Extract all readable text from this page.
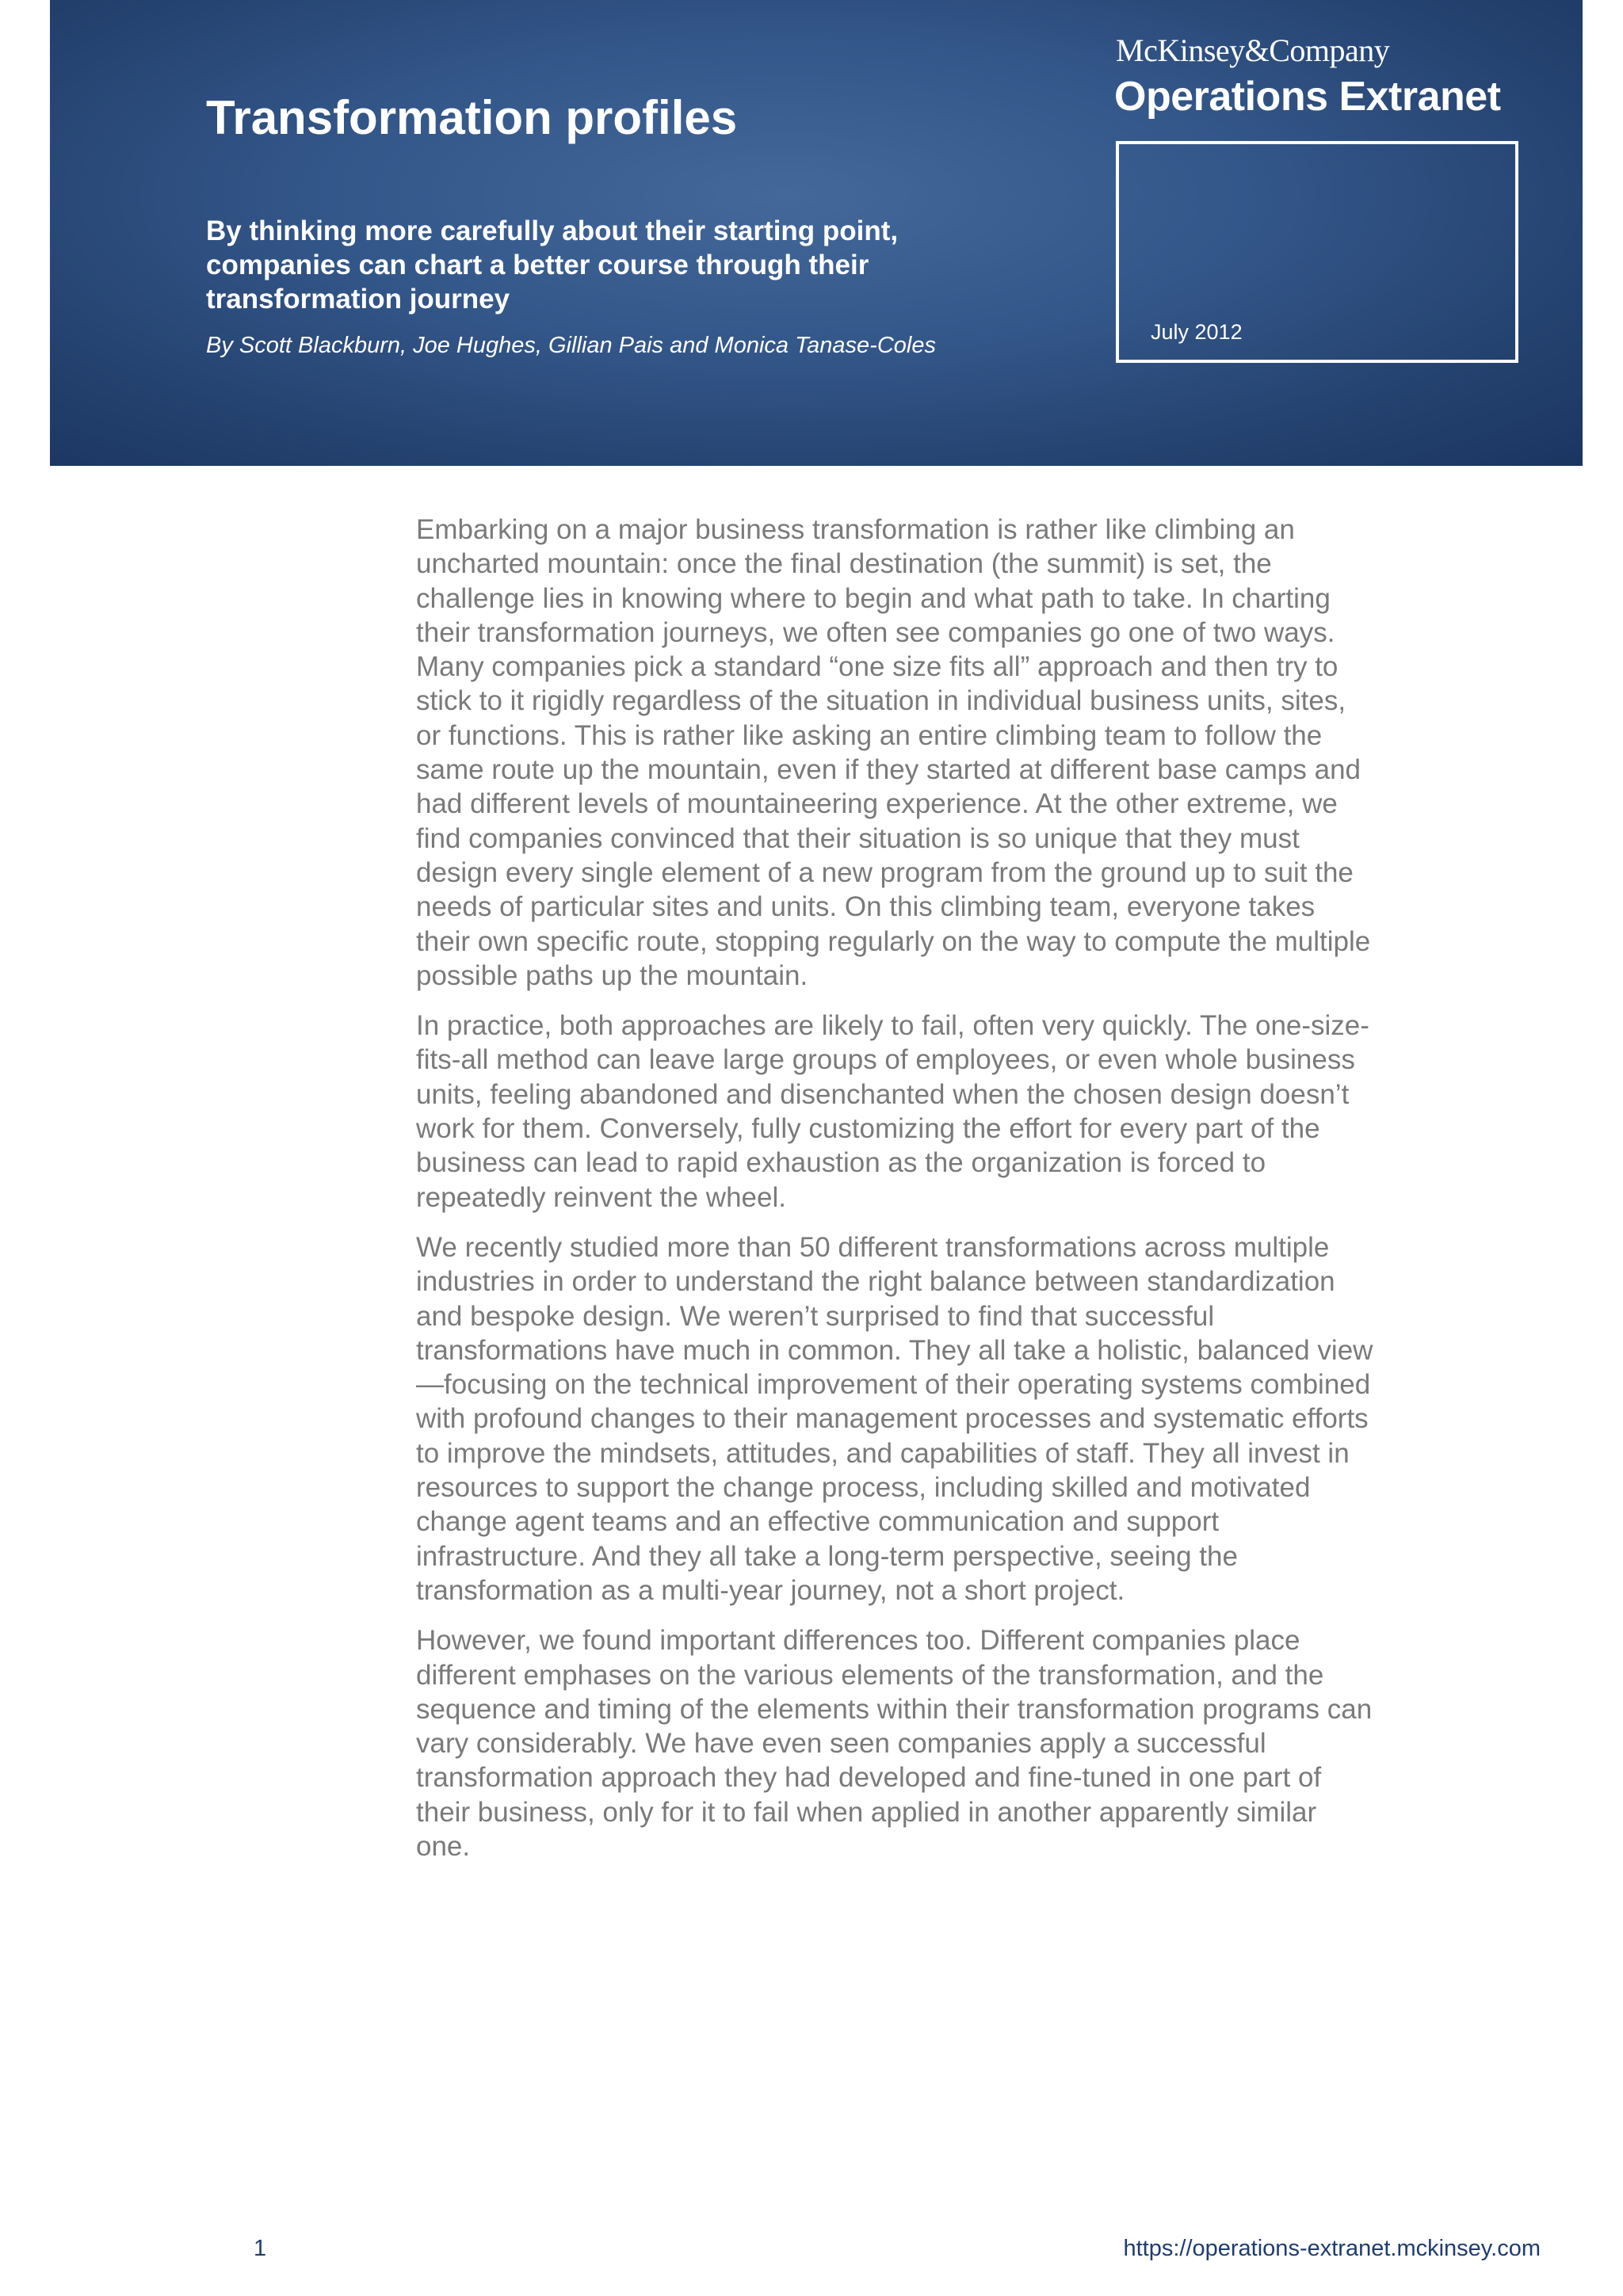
Transformation profiles

By thinking more carefully about their starting point, companies can chart a better course through their transformation journey

By Scott Blackburn, Joe Hughes, Gillian Pais and Monica Tanase-Coles

McKinsey&Company
Operations Extranet
July 2012

Embarking on a major business transformation is rather like climbing an uncharted mountain: once the final destination (the summit) is set, the challenge lies in knowing where to begin and what path to take. In charting their transformation journeys, we often see companies go one of two ways. Many companies pick a standard “one size fits all” approach and then try to stick to it rigidly regardless of the situation in individual business units, sites, or functions. This is rather like asking an entire climbing team to follow the same route up the mountain, even if they started at different base camps and had different levels of mountaineering experience. At the other extreme, we find companies convinced that their situation is so unique that they must design every single element of a new program from the ground up to suit the needs of particular sites and units. On this climbing team, everyone takes their own specific route, stopping regularly on the way to compute the multiple possible paths up the mountain.

In practice, both approaches are likely to fail, often very quickly. The one-size-fits-all method can leave large groups of employees, or even whole business units, feeling abandoned and disenchanted when the chosen design doesn’t work for them. Conversely, fully customizing the effort for every part of the business can lead to rapid exhaustion as the organization is forced to repeatedly reinvent the wheel.

We recently studied more than 50 different transformations across multiple industries in order to understand the right balance between standardization and bespoke design. We weren’t surprised to find that successful transformations have much in common. They all take a holistic, balanced view—focusing on the technical improvement of their operating systems combined with profound changes to their management processes and systematic efforts to improve the mindsets, attitudes, and capabilities of staff. They all invest in resources to support the change process, including skilled and motivated change agent teams and an effective communication and support infrastructure. And they all take a long-term perspective, seeing the transformation as a multi-year journey, not a short project.

However, we found important differences too. Different companies place different emphases on the various elements of the transformation, and the sequence and timing of the elements within their transformation programs can vary considerably. We have even seen companies apply a successful transformation approach they had developed and fine-tuned in one part of their business, only for it to fail when applied in another apparently similar one.

1	https://operations-extranet.mckinsey.com
